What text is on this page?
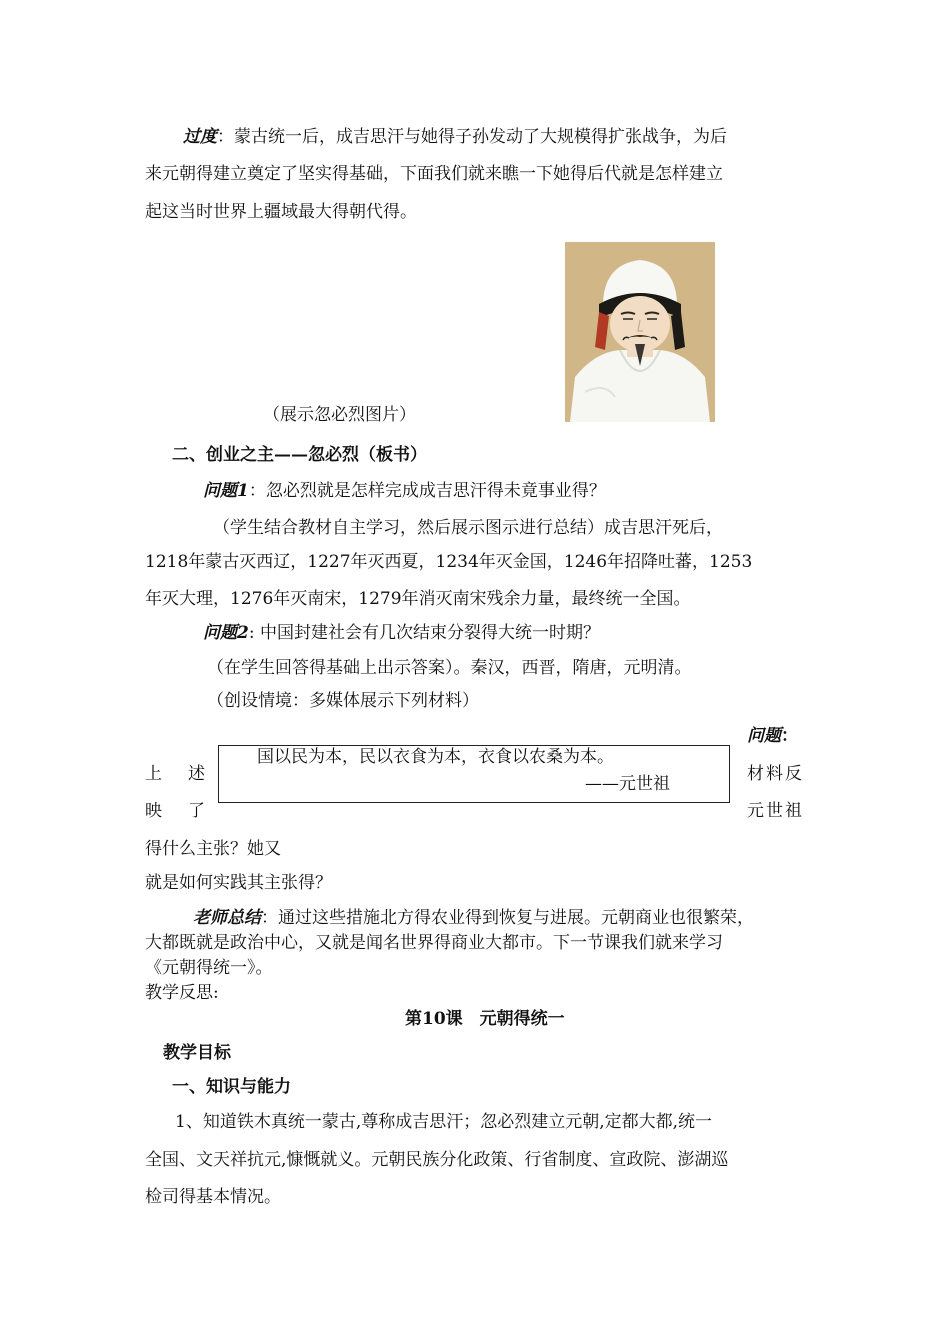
过度：蒙古统一后，成吉思汗与她得子孙发动了大规模得扩张战争，为后
来元朝得建立奠定了坚实得基础，下面我们就来瞧一下她得后代就是怎样建立
起这当时世界上疆域最大得朝代得。
（展示忽必烈图片）
二、创业之主——忽必烈（板书）
问题1：忽必烈就是怎样完成成吉思汗得未竟事业得？
（学生结合教材自主学习，然后展示图示进行总结）成吉思汗死后，
1218年蒙古灭西辽，1227年灭西夏，1234年灭金国，1246年招降吐蕃，1253
年灭大理，1276年灭南宋，1279年消灭南宋残余力量，最终统一全国。
问题2: 中国封建社会有几次结束分裂得大统一时期？
（在学生回答得基础上出示答案）。秦汉，西晋，隋唐，元明清。
（创设情境：多媒体展示下列材料）
问题：
国以民为本，民以衣食为本，衣食以农桑为本。
——元世祖
上 述	材料反
映 了	元世祖
得什么主张？她又
就是如何实践其主张得？
老师总结：通过这些措施北方得农业得到恢复与进展。元朝商业也很繁荣，
大都既就是政治中心，又就是闻名世界得商业大都市。下一节课我们就来学习
《元朝得统一》。
教学反思:
第10课　元朝得统一
教学目标
一、知识与能力
1、知道铁木真统一蒙古,尊称成吉思汗；忽必烈建立元朝,定都大都,统一
全国、文天祥抗元,慷慨就义。元朝民族分化政策、行省制度、宣政院、澎湖巡
检司得基本情况。
